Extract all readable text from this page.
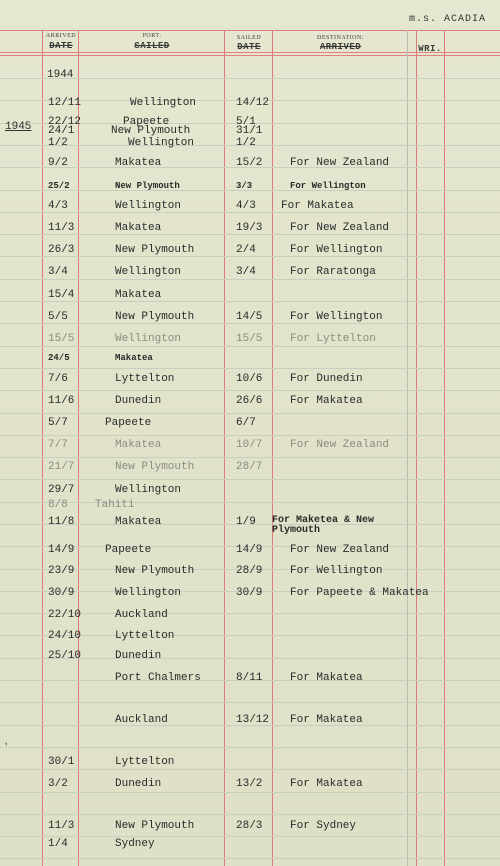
m.s. ACADIA
ARRIVED
DATE
PORT:
SAILED
SAILED
DATE
DESTINATION:
ARRIVED	WRI.
1944
1945
ʼ
12/11	Wellington	14/12
22/12	Papeete	5/1
24/1	New Plymouth	31/1
1/2	Wellington	1/2
9/2	Makatea	15/2	For New Zealand
25/2	New Plymouth	3/3	For Wellington
4/3	Wellington	4/3 For Makatea
11/3	Makatea	19/3	For New Zealand
26/3	New Plymouth	2/4	For Wellington
3/4	Wellington	3/4	For Raratonga
15/4	Makatea
5/5	New Plymouth	14/5	For Wellington
15/5	Wellington	15/5	For Lyttelton
24/5	Makatea
7/6	Lyttelton	10/6	For Dunedin
11/6	Dunedin	26/6	For Makatea
5/7	Papeete	6/7
7/7	Makatea	10/7	For New Zealand
21/7	New Plymouth	28/7
29/7	Wellington
8/8 Tahiti
11/8	Makatea	1/9 For Maketea & New Plymouth
14/9	Papeete	14/9	For New Zealand
23/9	New Plymouth	28/9	For Wellington
30/9	Wellington	30/9	For Papeete & Makatea
22/10	Auckland
24/10	Lyttelton
25/10	Dunedin
Port Chalmers	8/11	For Makatea
Auckland	13/12 For Makatea
30/1	Lyttelton
3/2	Dunedin	13/2	For Makatea
11/3	New Plymouth	28/3	For Sydney
1/4	Sydney
